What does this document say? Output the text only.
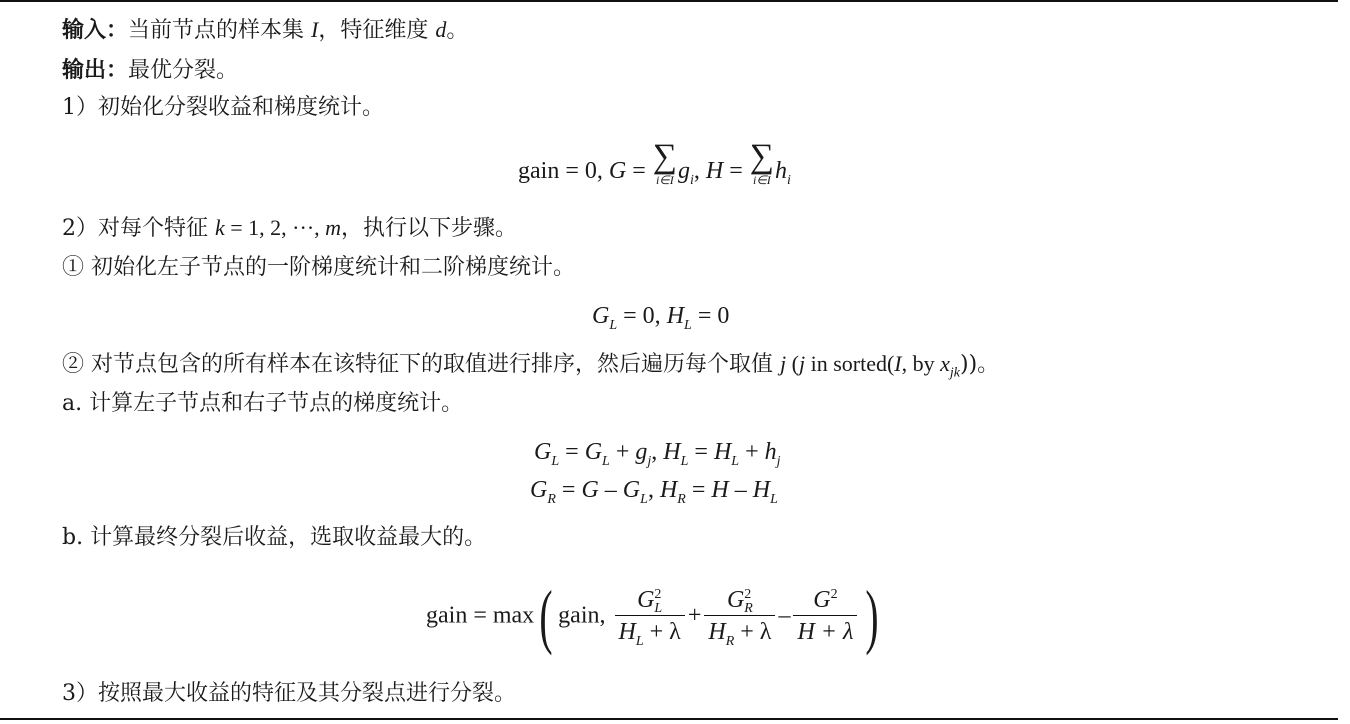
输入：当前节点的样本集 I，特征维度 d。
输出：最优分裂。
1）初始化分裂收益和梯度统计。
gain = 0, G = ∑
i∈I $g_i$, H = ∑
i∈I $h_i$
2）对每个特征 k = 1, 2, ···, m，执行以下步骤。
① 初始化左子节点的一阶梯度统计和二阶梯度统计。
$G_L = 0$, $H_L = 0$
② 对节点包含的所有样本在该特征下的取值进行排序，然后遍历每个取值 j (j in sorted(I, by $x_{jk}$))。
a. 计算左子节点和右子节点的梯度统计。
$G_L = G_L + g_j$, $H_L = H_L + h_j$
$G_R = G - G_L$, $H_R = H - H_L$
b. 计算最终分裂后收益，选取收益最大的。
gain = max( gain, $\frac{G^2_L}{H_L + \lambda} + \frac{G^2_R}{H_R + \lambda} - \frac{G^2}{H + \lambda}$ )
3）按照最大收益的特征及其分裂点进行分裂。
